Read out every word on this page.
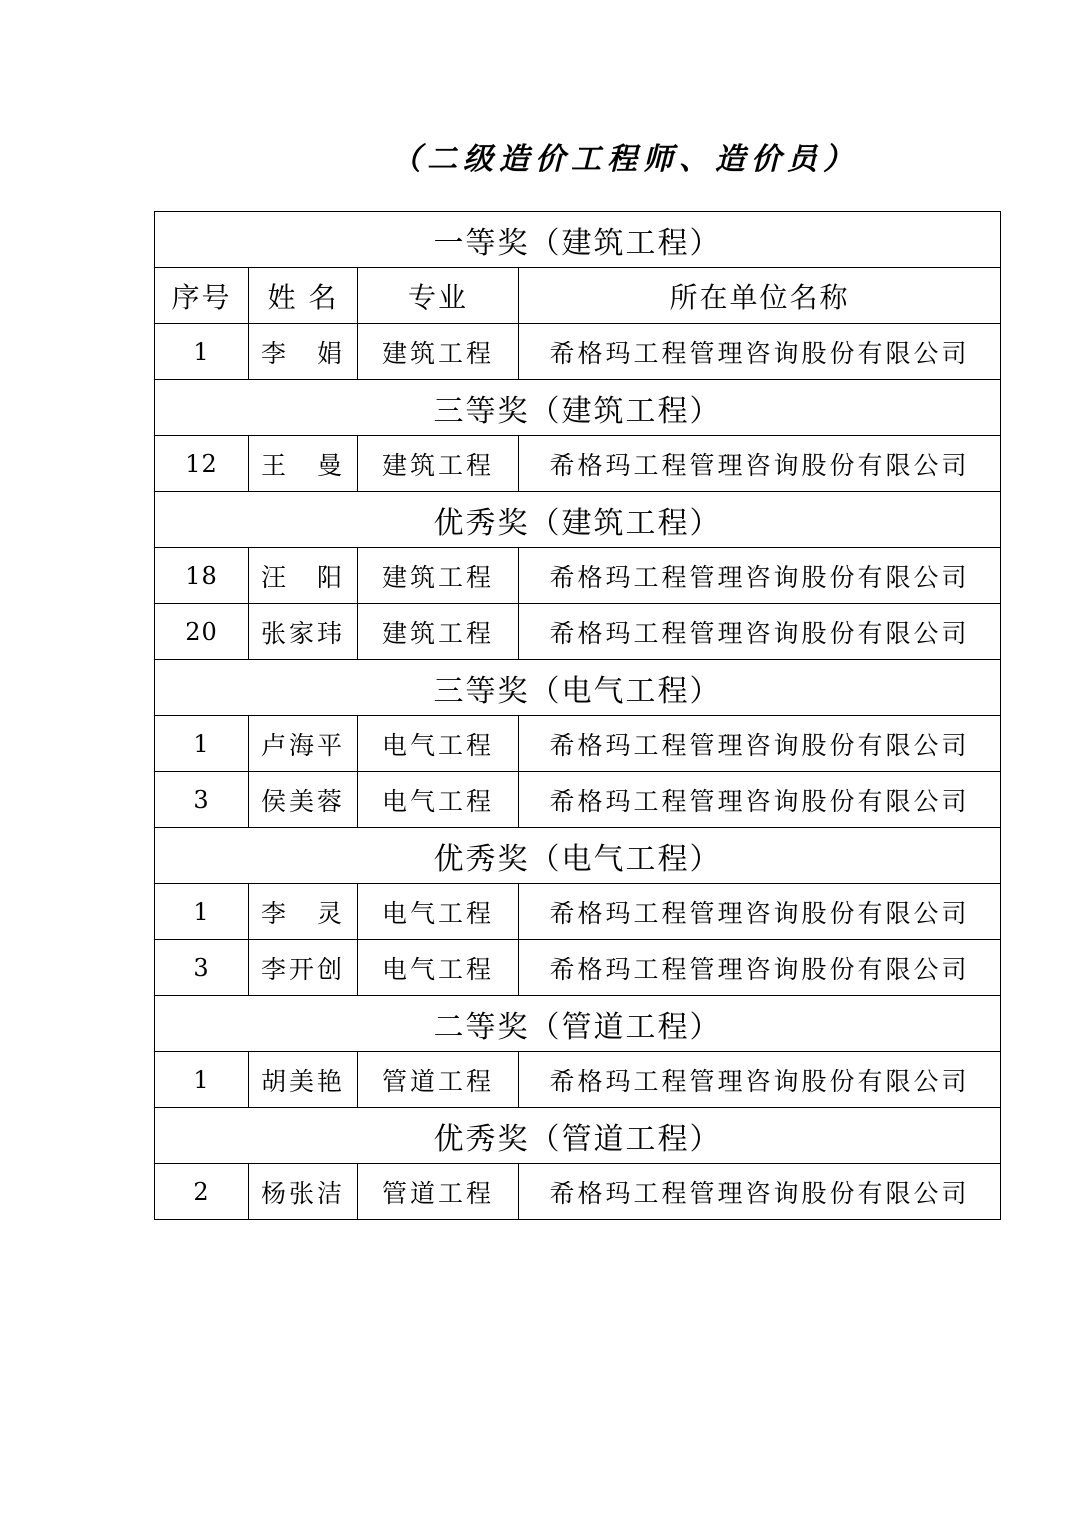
（二级造价工程师、造价员）
一等奖（建筑工程）			
序号	姓 名	专业	所在单位名称
1	李　娟	建筑工程	希格玛工程管理咨询股份有限公司
三等奖（建筑工程）			
12	王　曼	建筑工程	希格玛工程管理咨询股份有限公司
优秀奖（建筑工程）			
18	汪　阳	建筑工程	希格玛工程管理咨询股份有限公司
20	张家玮	建筑工程	希格玛工程管理咨询股份有限公司
三等奖（电气工程）			
1	卢海平	电气工程	希格玛工程管理咨询股份有限公司
3	侯美蓉	电气工程	希格玛工程管理咨询股份有限公司
优秀奖（电气工程）			
1	李　灵	电气工程	希格玛工程管理咨询股份有限公司
3	李开创	电气工程	希格玛工程管理咨询股份有限公司
二等奖（管道工程）			
1	胡美艳	管道工程	希格玛工程管理咨询股份有限公司
优秀奖（管道工程）			
2	杨张洁	管道工程	希格玛工程管理咨询股份有限公司
